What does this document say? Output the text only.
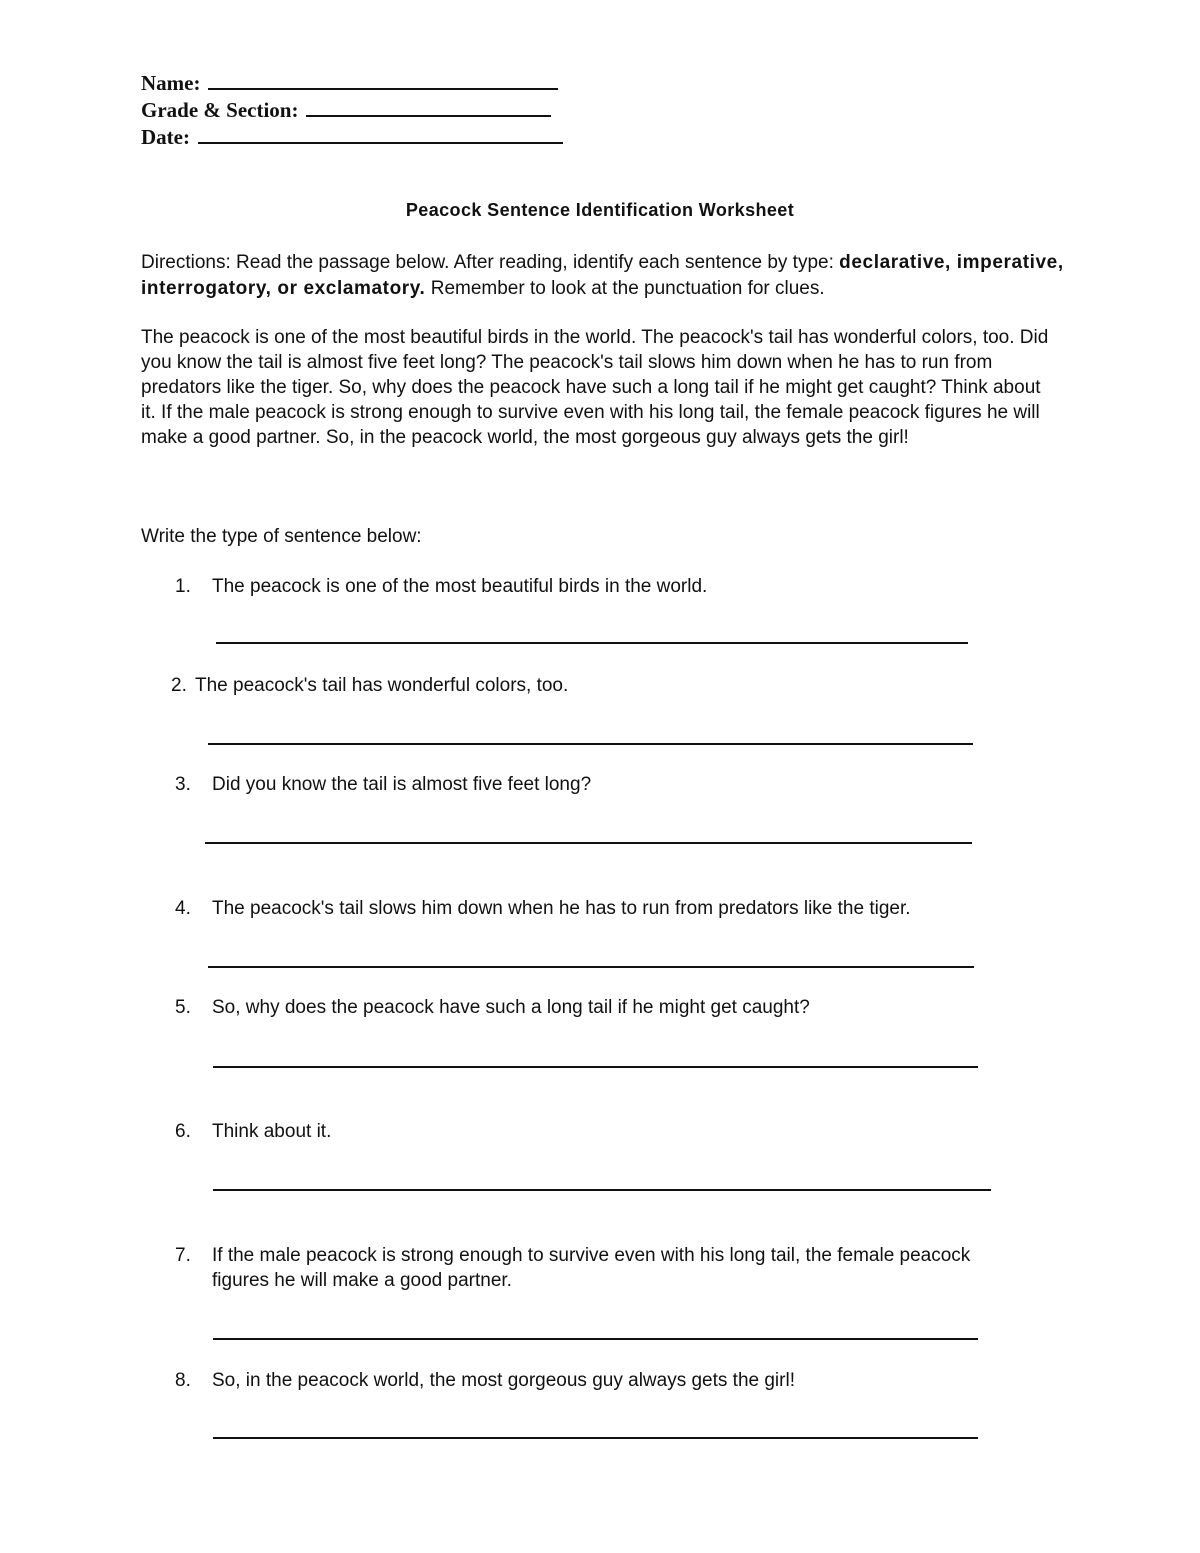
Name:
Grade & Section:
Date:
Peacock Sentence Identification Worksheet
Directions: Read the passage below. After reading, identify each sentence by type: declarative, imperative, interrogatory, or exclamatory. Remember to look at the punctuation for clues.
The peacock is one of the most beautiful birds in the world. The peacock's tail has wonderful colors, too. Did you know the tail is almost five feet long? The peacock's tail slows him down when he has to run from predators like the tiger. So, why does the peacock have such a long tail if he might get caught? Think about it. If the male peacock is strong enough to survive even with his long tail, the female peacock figures he will make a good partner. So, in the peacock world, the most gorgeous guy always gets the girl!
Write the type of sentence below:
1. The peacock is one of the most beautiful birds in the world.
2. The peacock's tail has wonderful colors, too.
3. Did you know the tail is almost five feet long?
4. The peacock's tail slows him down when he has to run from predators like the tiger.
5. So, why does the peacock have such a long tail if he might get caught?
6. Think about it.
7. If the male peacock is strong enough to survive even with his long tail, the female peacock figures he will make a good partner.
8. So, in the peacock world, the most gorgeous guy always gets the girl!
